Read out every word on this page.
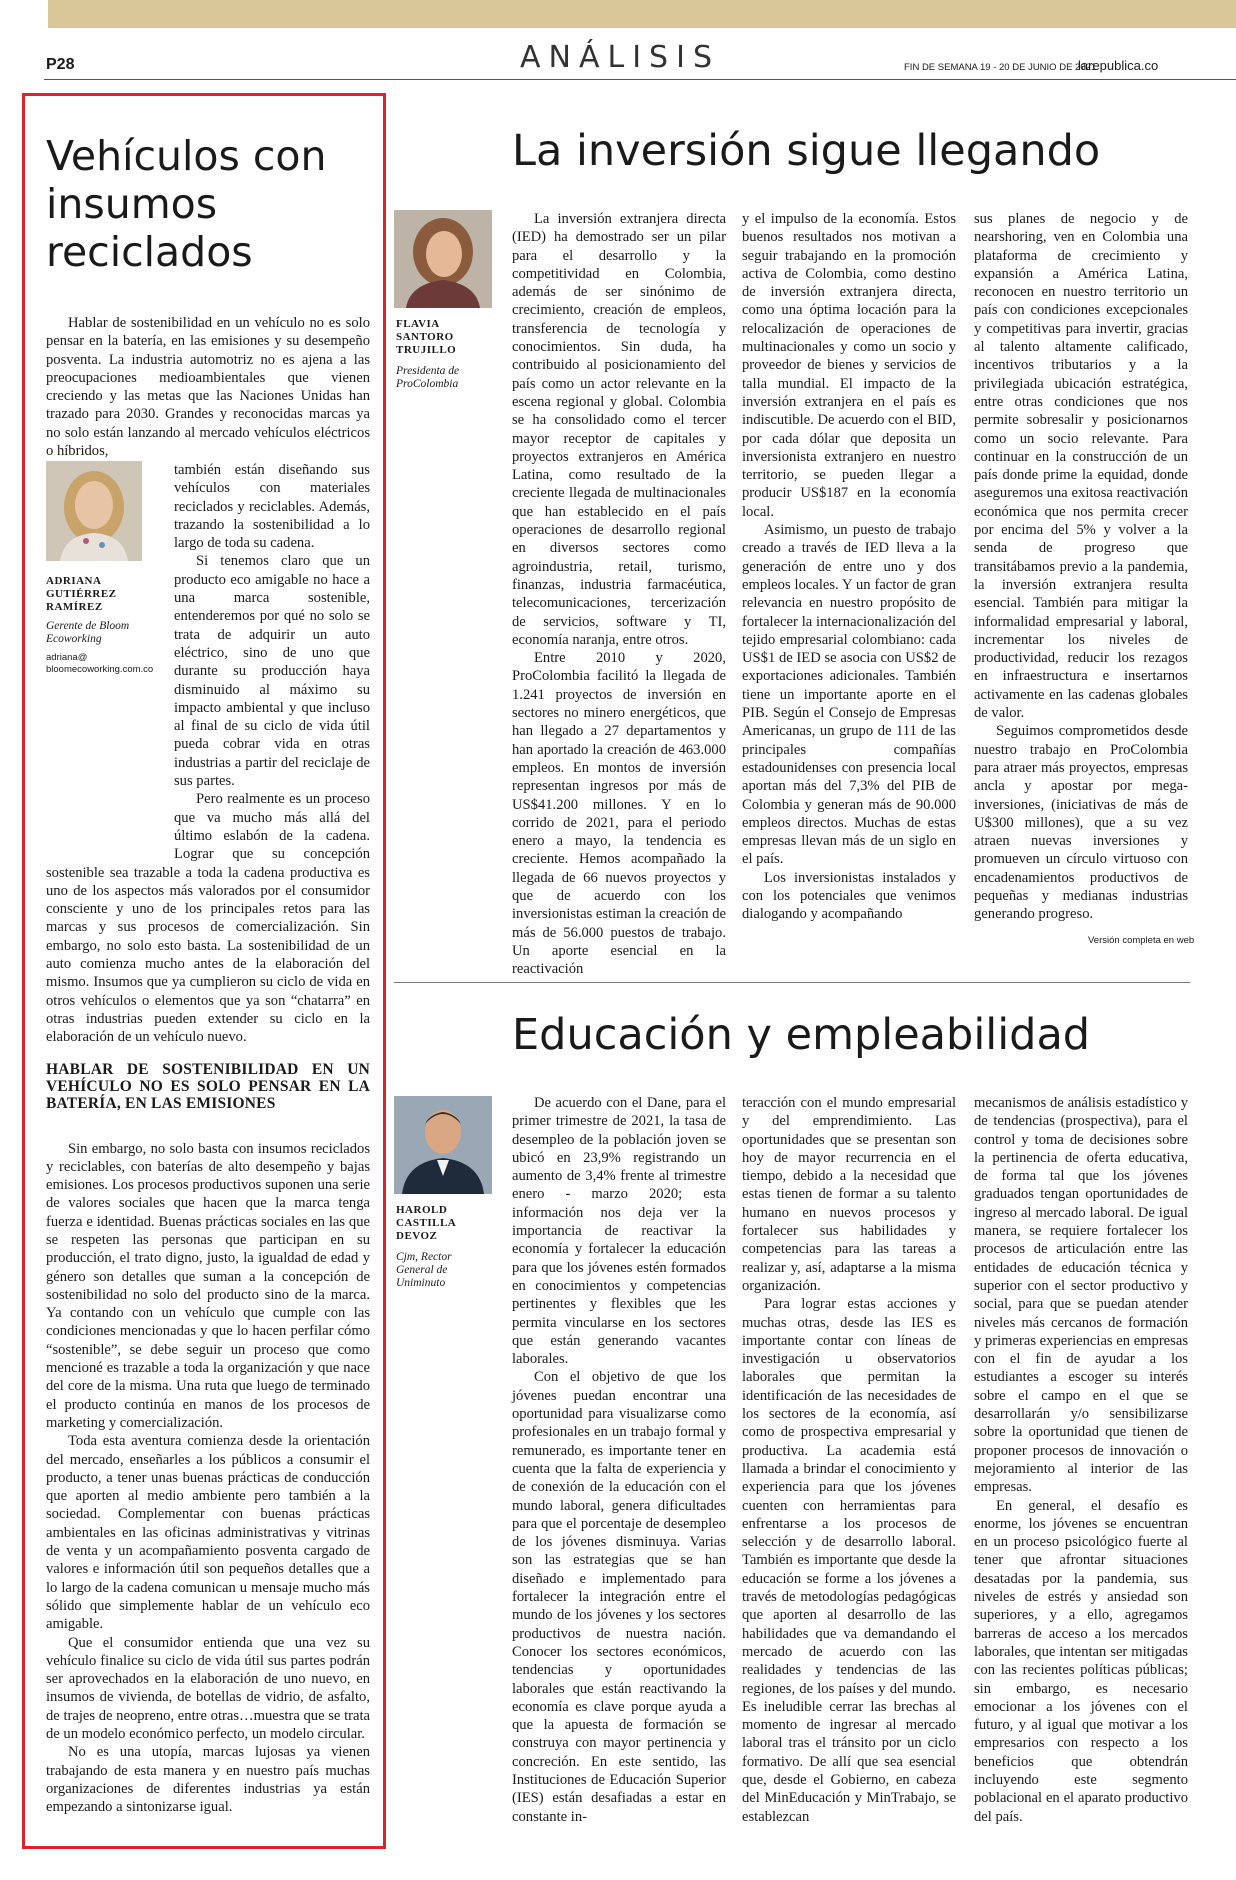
P28	ANÁLISIS	FIN DE SEMANA 19 - 20 DE JUNIO DE 2021
larepublica.co
Vehículos con insumos reciclados

Hablar de sostenibilidad en un vehículo no es solo pensar en la batería, en las emisiones y su desempeño posventa. La industria automotriz no es ajena a las preocupaciones medioambientales que vienen creciendo y las metas que las Naciones Unidas han trazado para 2030. Grandes y reconocidas marcas ya no solo están lanzando al mercado vehículos eléctricos o híbridos,

ADRIANA
GUTIÉRREZ
RAMÍREZ
Gerente de Bloom
Ecoworking
adriana@
bloomecoworking.com.co

también están diseñando sus vehículos con materiales reciclados y reciclables. Además, trazando la sostenibilidad a lo largo de toda su cadena.

Si tenemos claro que un producto eco amigable no hace a una marca sostenible, entenderemos por qué no solo se trata de adquirir un auto eléctrico, sino de uno que durante su producción haya disminuido al máximo su impacto ambiental y que incluso al final de su ciclo de vida útil pueda cobrar vida en otras industrias a partir del reciclaje de sus partes.

Pero realmente es un proceso que va mucho más allá del último eslabón de la cadena. Lograr que su concepción sostenible sea trazable a toda la cadena productiva es uno de los aspectos más valorados por el consumidor consciente y uno de los principales retos para las marcas y sus procesos de comercialización. Sin embargo, no solo esto basta. La sostenibilidad de un auto comienza mucho antes de la elaboración del mismo. Insumos que ya cumplieron su ciclo de vida en otros vehículos o elementos que ya son “chatarra” en otras industrias pueden extender su ciclo en la elaboración de un vehículo nuevo.

HABLAR DE SOSTENIBILIDAD EN UN VEHÍCULO NO ES SOLO PENSAR EN LA BATERÍA, EN LAS EMISIONES

Sin embargo, no solo basta con insumos reciclados y reciclables, con baterías de alto desempeño y bajas emisiones. Los procesos productivos suponen una serie de valores sociales que hacen que la marca tenga fuerza e identidad. Buenas prácticas sociales en las que se respeten las personas que participan en su producción, el trato digno, justo, la igualdad de edad y género son detalles que suman a la concepción de sostenibilidad no solo del producto sino de la marca. Ya contando con un vehículo que cumple con las condiciones mencionadas y que lo hacen perfilar cómo “sostenible”, se debe seguir un proceso que como mencioné es trazable a toda la organización y que nace del core de la misma. Una ruta que luego de terminado el producto continúa en manos de los procesos de marketing y comercialización.

Toda esta aventura comienza desde la orientación del mercado, enseñarles a los públicos a consumir el producto, a tener unas buenas prácticas de conducción que aporten al medio ambiente pero también a la sociedad. Complementar con buenas prácticas ambientales en las oficinas administrativas y vitrinas de venta y un acompañamiento posventa cargado de valores e información útil son pequeños detalles que a lo largo de la cadena comunican u mensaje mucho más sólido que simplemente hablar de un vehículo eco amigable.

Que el consumidor entienda que una vez su vehículo finalice su ciclo de vida útil sus partes podrán ser aprovechados en la elaboración de uno nuevo, en insumos de vivienda, de botellas de vidrio, de asfalto, de trajes de neopreno, entre otras…muestra que se trata de un modelo económico perfecto, un modelo circular.

No es una utopía, marcas lujosas ya vienen trabajando de esta manera y en nuestro país muchas organizaciones de diferentes industrias ya están empezando a sintonizarse igual.

La inversión sigue llegando
FLAVIA
SANTORO
TRUJILLO
Presidenta de
ProColombia

La inversión extranjera directa (IED) ha demostrado ser un pilar para el desarrollo y la competitividad en Colombia, además de ser sinónimo de crecimiento, creación de empleos, transferencia de tecnología y conocimientos. Sin duda, ha contribuido al posicionamiento del país como un actor relevante en la escena regional y global. Colombia se ha consolidado como el tercer mayor receptor de capitales y proyectos extranjeros en América Latina, como resultado de la creciente llegada de multinacionales que han establecido en el país operaciones de desarrollo regional en diversos sectores como agroindustria, retail, turismo, finanzas, industria farmacéutica, telecomunicaciones, tercerización de servicios, software y TI, economía naranja, entre otros.

Entre 2010 y 2020, ProColombia facilitó la llegada de 1.241 proyectos de inversión en sectores no minero energéticos, que han llegado a 27 departamentos y han aportado la creación de 463.000 empleos. En montos de inversión representan ingresos por más de US$41.200 millones. Y en lo corrido de 2021, para el periodo enero a mayo, la tendencia es creciente. Hemos acompañado la llegada de 66 nuevos proyectos y que de acuerdo con los inversionistas estiman la creación de más de 56.000 puestos de trabajo. Un aporte esencial en la reactivación

y el impulso de la economía. Estos buenos resultados nos motivan a seguir trabajando en la promoción activa de Colombia, como destino de inversión extranjera directa, como una óptima locación para la relocalización de operaciones de multinacionales y como un socio y proveedor de bienes y servicios de talla mundial. El impacto de la inversión extranjera en el país es indiscutible. De acuerdo con el BID, por cada dólar que deposita un inversionista extranjero en nuestro territorio, se pueden llegar a producir US$187 en la economía local.

Asimismo, un puesto de trabajo creado a través de IED lleva a la generación de entre uno y dos empleos locales. Y un factor de gran relevancia en nuestro propósito de fortalecer la internacionalización del tejido empresarial colombiano: cada US$1 de IED se asocia con US$2 de exportaciones adicionales. También tiene un importante aporte en el PIB. Según el Consejo de Empresas Americanas, un grupo de 111 de las principales compañías estadounidenses con presencia local aportan más del 7,3% del PIB de Colombia y generan más de 90.000 empleos directos. Muchas de estas empresas llevan más de un siglo en el país.

Los inversionistas instalados y con los potenciales que venimos dialogando y acompañando

sus planes de negocio y de nearshoring, ven en Colombia una plataforma de crecimiento y expansión a América Latina, reconocen en nuestro territorio un país con condiciones excepcionales y competitivas para invertir, gracias al talento altamente calificado, incentivos tributarios y a la privilegiada ubicación estratégica, entre otras condiciones que nos permite sobresalir y posicionarnos como un socio relevante. Para continuar en la construcción de un país donde prime la equidad, donde aseguremos una exitosa reactivación económica que nos permita crecer por encima del 5% y volver a la senda de progreso que transitábamos previo a la pandemia, la inversión extranjera resulta esencial. También para mitigar la informalidad empresarial y laboral, incrementar los niveles de productividad, reducir los rezagos en infraestructura e insertarnos activamente en las cadenas globales de valor.

Seguimos comprometidos desde nuestro trabajo en ProColombia para atraer más proyectos, empresas ancla y apostar por mega-inversiones, (iniciativas de más de U$300 millones), que a su vez atraen nuevas inversiones y promueven un círculo virtuoso con encadenamientos productivos de pequeñas y medianas industrias generando progreso.

Versión completa en web
Educación y empleabilidad
HAROLD
CASTILLA
DEVOZ
Cjm, Rector
General de
Uniminuto

De acuerdo con el Dane, para el primer trimestre de 2021, la tasa de desempleo de la población joven se ubicó en 23,9% registrando un aumento de 3,4% frente al trimestre enero - marzo 2020; esta información nos deja ver la importancia de reactivar la economía y fortalecer la educación para que los jóvenes estén formados en conocimientos y competencias pertinentes y flexibles que les permita vincularse en los sectores que están generando vacantes laborales.

Con el objetivo de que los jóvenes puedan encontrar una oportunidad para visualizarse como profesionales en un trabajo formal y remunerado, es importante tener en cuenta que la falta de experiencia y de conexión de la educación con el mundo laboral, genera dificultades para que el porcentaje de desempleo de los jóvenes disminuya. Varias son las estrategias que se han diseñado e implementado para fortalecer la integración entre el mundo de los jóvenes y los sectores productivos de nuestra nación. Conocer los sectores económicos, tendencias y oportunidades laborales que están reactivando la economía es clave porque ayuda a que la apuesta de formación se construya con mayor pertinencia y concreción. En este sentido, las Instituciones de Educación Superior (IES) están desafiadas a estar en constante in-

teracción con el mundo empresarial y del emprendimiento. Las oportunidades que se presentan son hoy de mayor recurrencia en el tiempo, debido a la necesidad que estas tienen de formar a su talento humano en nuevos procesos y fortalecer sus habilidades y competencias para las tareas a realizar y, así, adaptarse a la misma organización.

Para lograr estas acciones y muchas otras, desde las IES es importante contar con líneas de investigación u observatorios laborales que permitan la identificación de las necesidades de los sectores de la economía, así como de prospectiva empresarial y productiva. La academia está llamada a brindar el conocimiento y experiencia para que los jóvenes cuenten con herramientas para enfrentarse a los procesos de selección y de desarrollo laboral. También es importante que desde la educación se forme a los jóvenes a través de metodologías pedagógicas que aporten al desarrollo de las habilidades que va demandando el mercado de acuerdo con las realidades y tendencias de las regiones, de los países y del mundo. Es ineludible cerrar las brechas al momento de ingresar al mercado laboral tras el tránsito por un ciclo formativo. De allí que sea esencial que, desde el Gobierno, en cabeza del MinEducación y MinTrabajo, se establezcan

mecanismos de análisis estadístico y de tendencias (prospectiva), para el control y toma de decisiones sobre la pertinencia de oferta educativa, de forma tal que los jóvenes graduados tengan oportunidades de ingreso al mercado laboral. De igual manera, se requiere fortalecer los procesos de articulación entre las entidades de educación técnica y superior con el sector productivo y social, para que se puedan atender niveles más cercanos de formación y primeras experiencias en empresas con el fin de ayudar a los estudiantes a escoger su interés sobre el campo en el que se desarrollarán y/o sensibilizarse sobre la oportunidad que tienen de proponer procesos de innovación o mejoramiento al interior de las empresas.

En general, el desafío es enorme, los jóvenes se encuentran en un proceso psicológico fuerte al tener que afrontar situaciones desatadas por la pandemia, sus niveles de estrés y ansiedad son superiores, y a ello, agregamos barreras de acceso a los mercados laborales, que intentan ser mitigadas con las recientes políticas públicas; sin embargo, es necesario emocionar a los jóvenes con el futuro, y al igual que motivar a los empresarios con respecto a los beneficios que obtendrán incluyendo este segmento poblacional en el aparato productivo del país.
